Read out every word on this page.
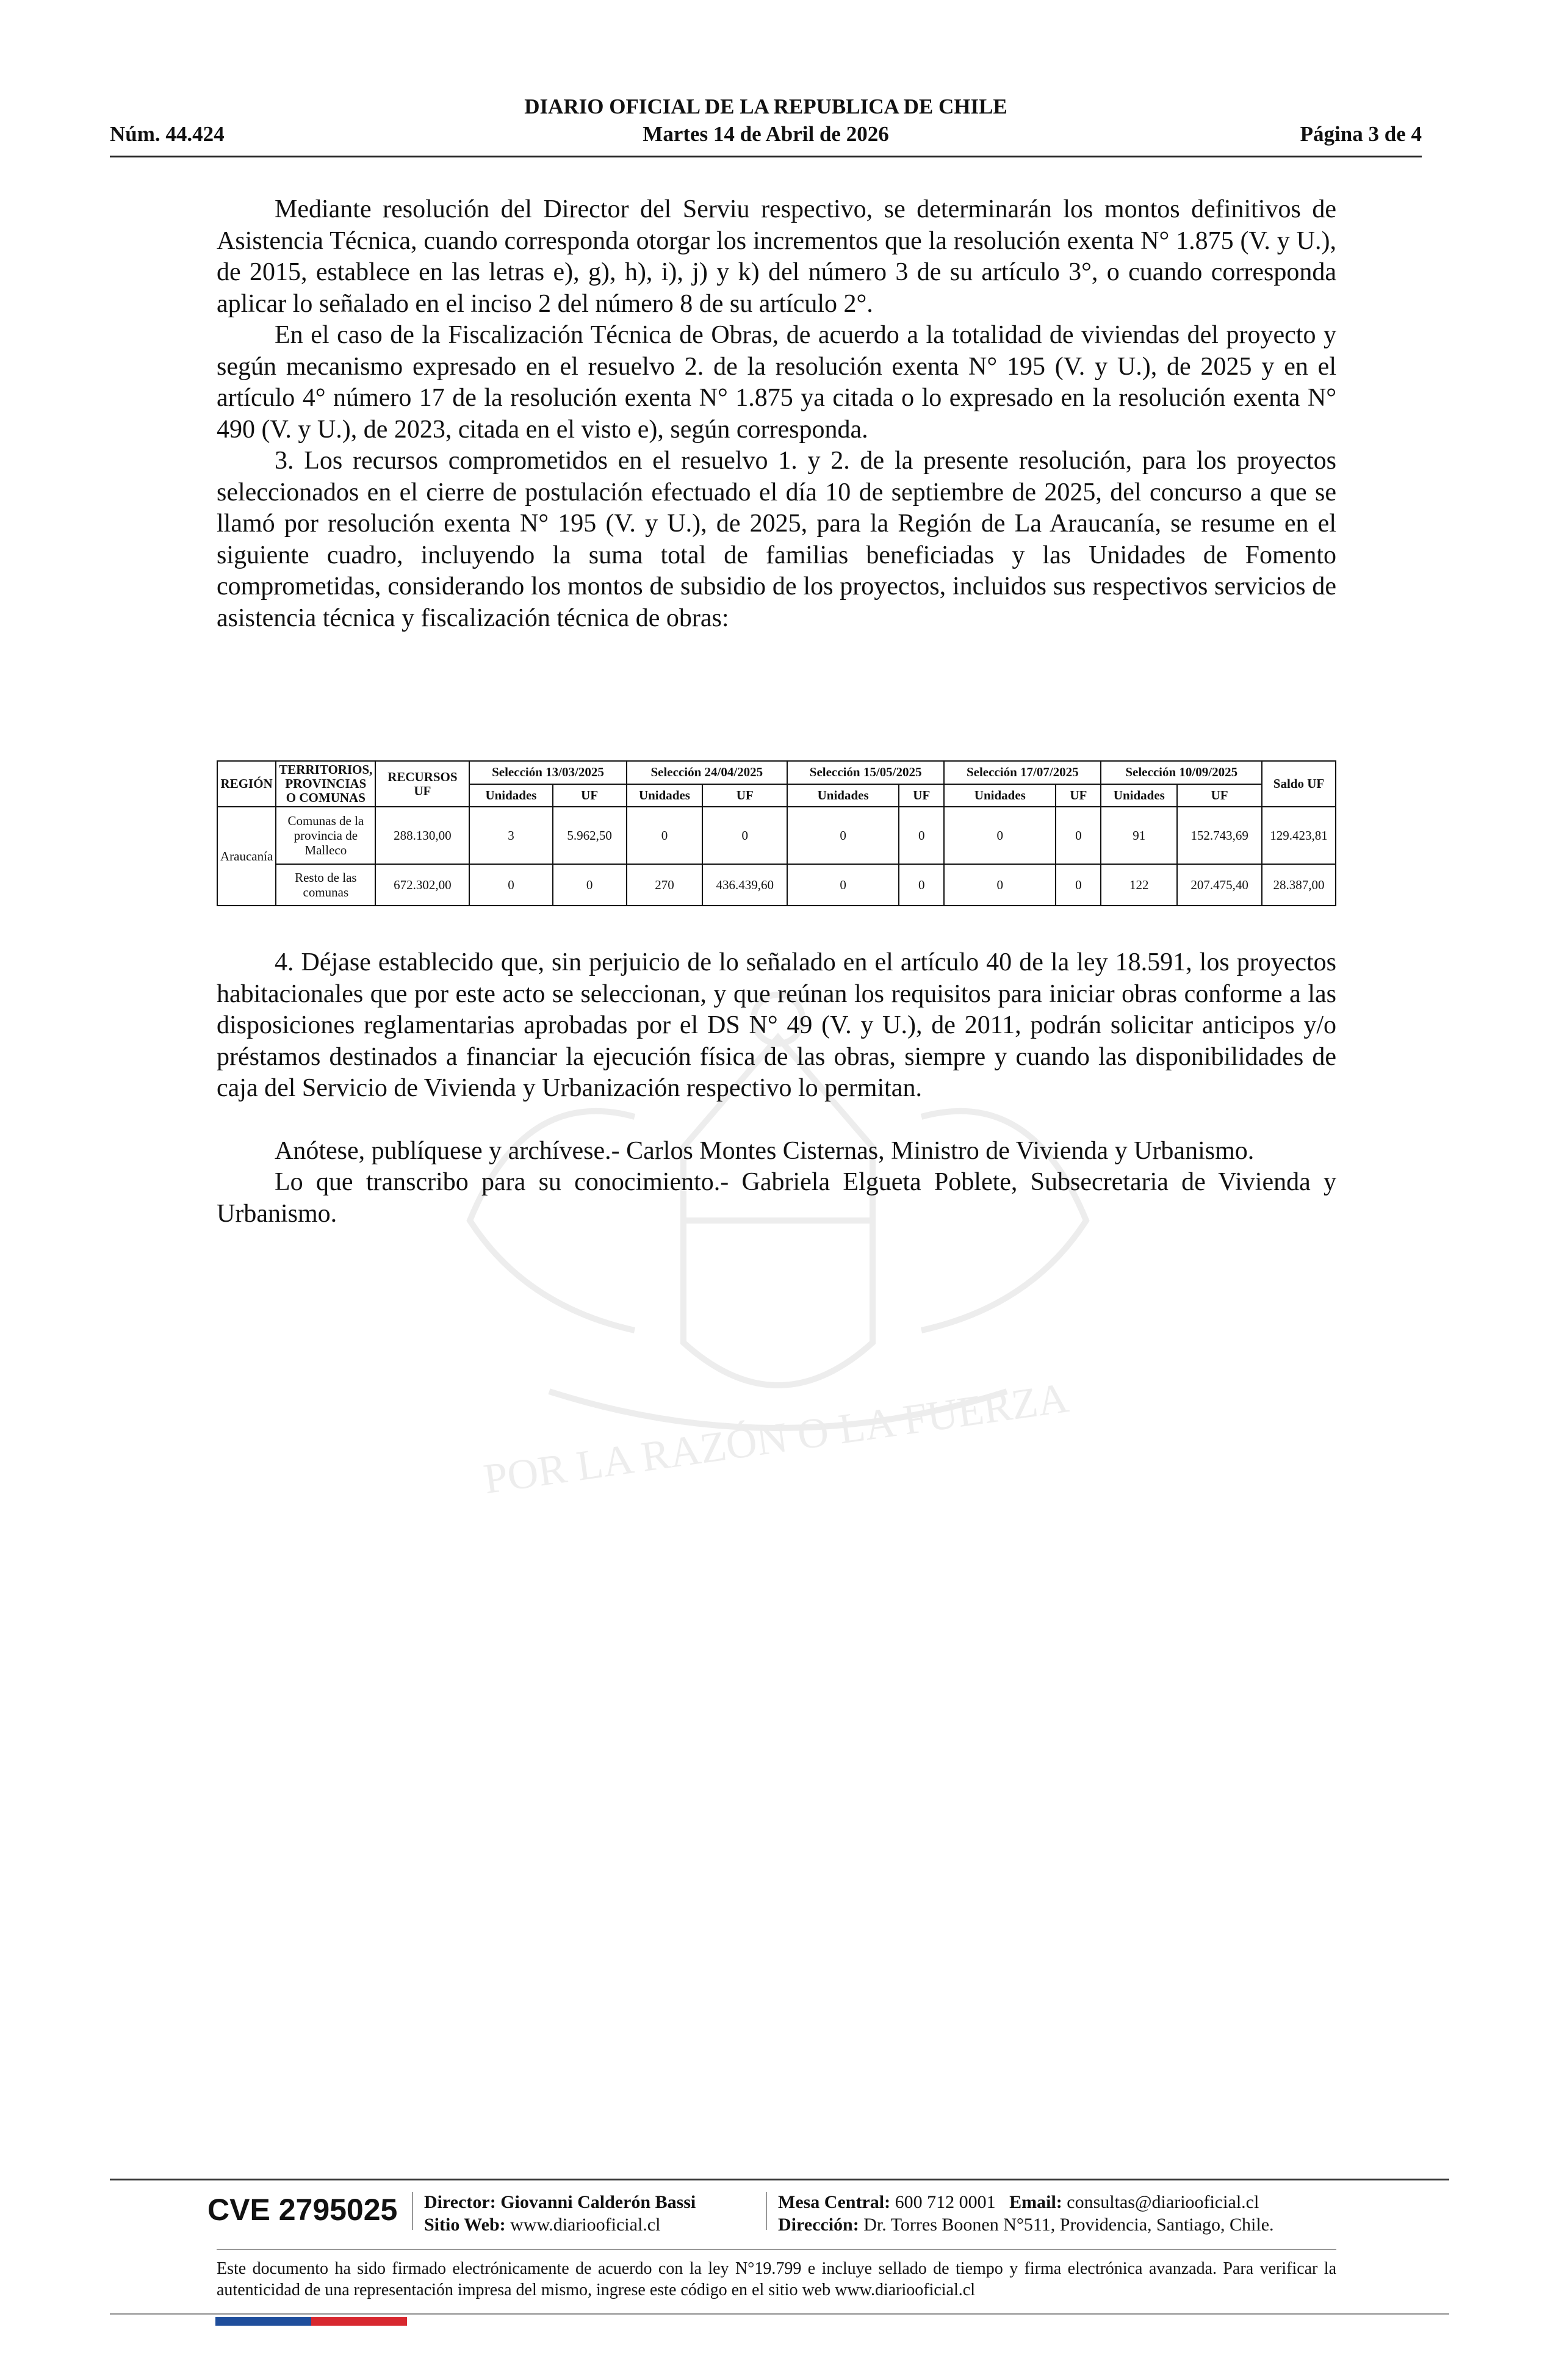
DIARIO OFICIAL DE LA REPUBLICA DE CHILE
Núm. 44.424	Martes 14 de Abril de 2026	Página 3 de 4
POR LA RAZÓN O LA FUERZA

Mediante resolución del Director del Serviu respectivo, se determinarán los montos definitivos de Asistencia Técnica, cuando corresponda otorgar los incrementos que la resolución exenta N° 1.875 (V. y U.), de 2015, establece en las letras e), g), h), i), j) y k) del número 3 de su artículo 3°, o cuando corresponda aplicar lo señalado en el inciso 2 del número 8 de su artículo 2°.

En el caso de la Fiscalización Técnica de Obras, de acuerdo a la totalidad de viviendas del proyecto y según mecanismo expresado en el resuelvo 2. de la resolución exenta N° 195 (V. y U.), de 2025 y en el artículo 4° número 17 de la resolución exenta N° 1.875 ya citada o lo expresado en la resolución exenta N° 490 (V. y U.), de 2023, citada en el visto e), según corresponda.

3. Los recursos comprometidos en el resuelvo 1. y 2. de la presente resolución, para los proyectos seleccionados en el cierre de postulación efectuado el día 10 de septiembre de 2025, del concurso a que se llamó por resolución exenta N° 195 (V. y U.), de 2025, para la Región de La Araucanía, se resume en el siguiente cuadro, incluyendo la suma total de familias beneficiadas y las Unidades de Fomento comprometidas, considerando los montos de subsidio de los proyectos, incluidos sus respectivos servicios de asistencia técnica y fiscalización técnica de obras:

REGIÓN	TERRITORIOS, PROVINCIAS O COMUNAS	RECURSOS UF	Selección 13/03/2025		Selección 24/04/2025		Selección 15/05/2025		Selección 17/07/2025		Selección 10/09/2025		Saldo UF
			Unidades	UF	Unidades	UF	Unidades	UF	Unidades	UF	Unidades	UF	
Araucanía	Comunas de la provincia de Malleco	288.130,00	3	5.962,50	0	0	0	0	0	0	91	152.743,69	129.423,81
	Resto de las comunas	672.302,00	0	0	270	436.439,60	0	0	0	0	122	207.475,40	28.387,00

4. Déjase establecido que, sin perjuicio de lo señalado en el artículo 40 de la ley 18.591, los proyectos habitacionales que por este acto se seleccionan, y que reúnan los requisitos para iniciar obras conforme a las disposiciones reglamentarias aprobadas por el DS N° 49 (V. y U.), de 2011, podrán solicitar anticipos y/o préstamos destinados a financiar la ejecución física de las obras, siempre y cuando las disponibilidades de caja del Servicio de Vivienda y Urbanización respectivo lo permitan.

Anótese, publíquese y archívese.- Carlos Montes Cisternas, Ministro de Vivienda y Urbanismo.

Lo que transcribo para su conocimiento.- Gabriela Elgueta Poblete, Subsecretaria de Vivienda y Urbanismo.

CVE 2795025 Director: Giovanni Calderón Bassi
Sitio Web: www.diariooficial.cl
Mesa Central: 600 712 0001 Email: consultas@diariooficial.cl
Dirección: Dr. Torres Boonen N°511, Providencia, Santiago, Chile.
Este documento ha sido firmado electrónicamente de acuerdo con la ley N°19.799 e incluye sellado de tiempo y firma electrónica avanzada. Para verificar la autenticidad de una representación impresa del mismo, ingrese este código en el sitio web www.diariooficial.cl
